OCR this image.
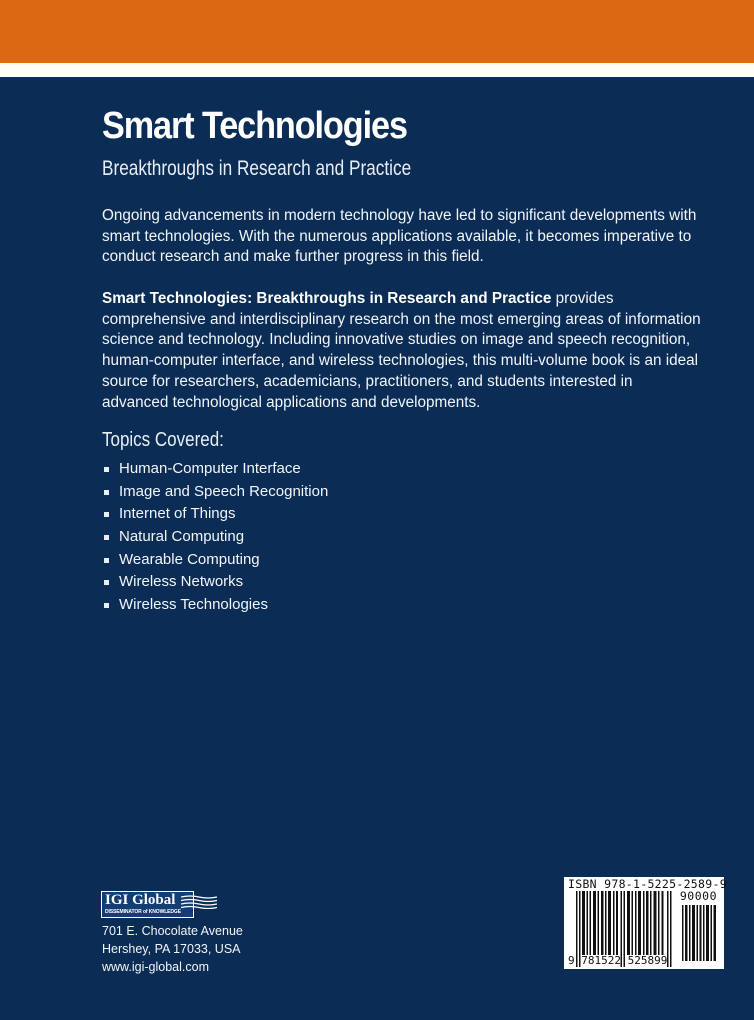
Smart Technologies
Breakthroughs in Research and Practice

Ongoing advancements in modern technology have led to significant developments with smart technologies. With the numerous applications available, it becomes imperative to conduct research and make further progress in this field.

Smart Technologies: Breakthroughs in Research and Practice provides comprehensive and interdisciplinary research on the most emerging areas of information science and technology. Including innovative studies on image and speech recognition, human-computer interface, and wireless technologies, this multi-volume book is an ideal source for researchers, academicians, practitioners, and students interested in advanced technological applications and developments.

Topics Covered:
Human-Computer Interface
Image and Speech Recognition
Internet of Things
Natural Computing
Wearable Computing
Wireless Networks
Wireless Technologies
IGI Global
DISSEMINATOR of KNOWLEDGE
701 E. Chocolate Avenue
Hershey, PA 17033, USA
www.igi-global.com
ISBN 978-1-5225-2589-9
90000
9 781522 525899
